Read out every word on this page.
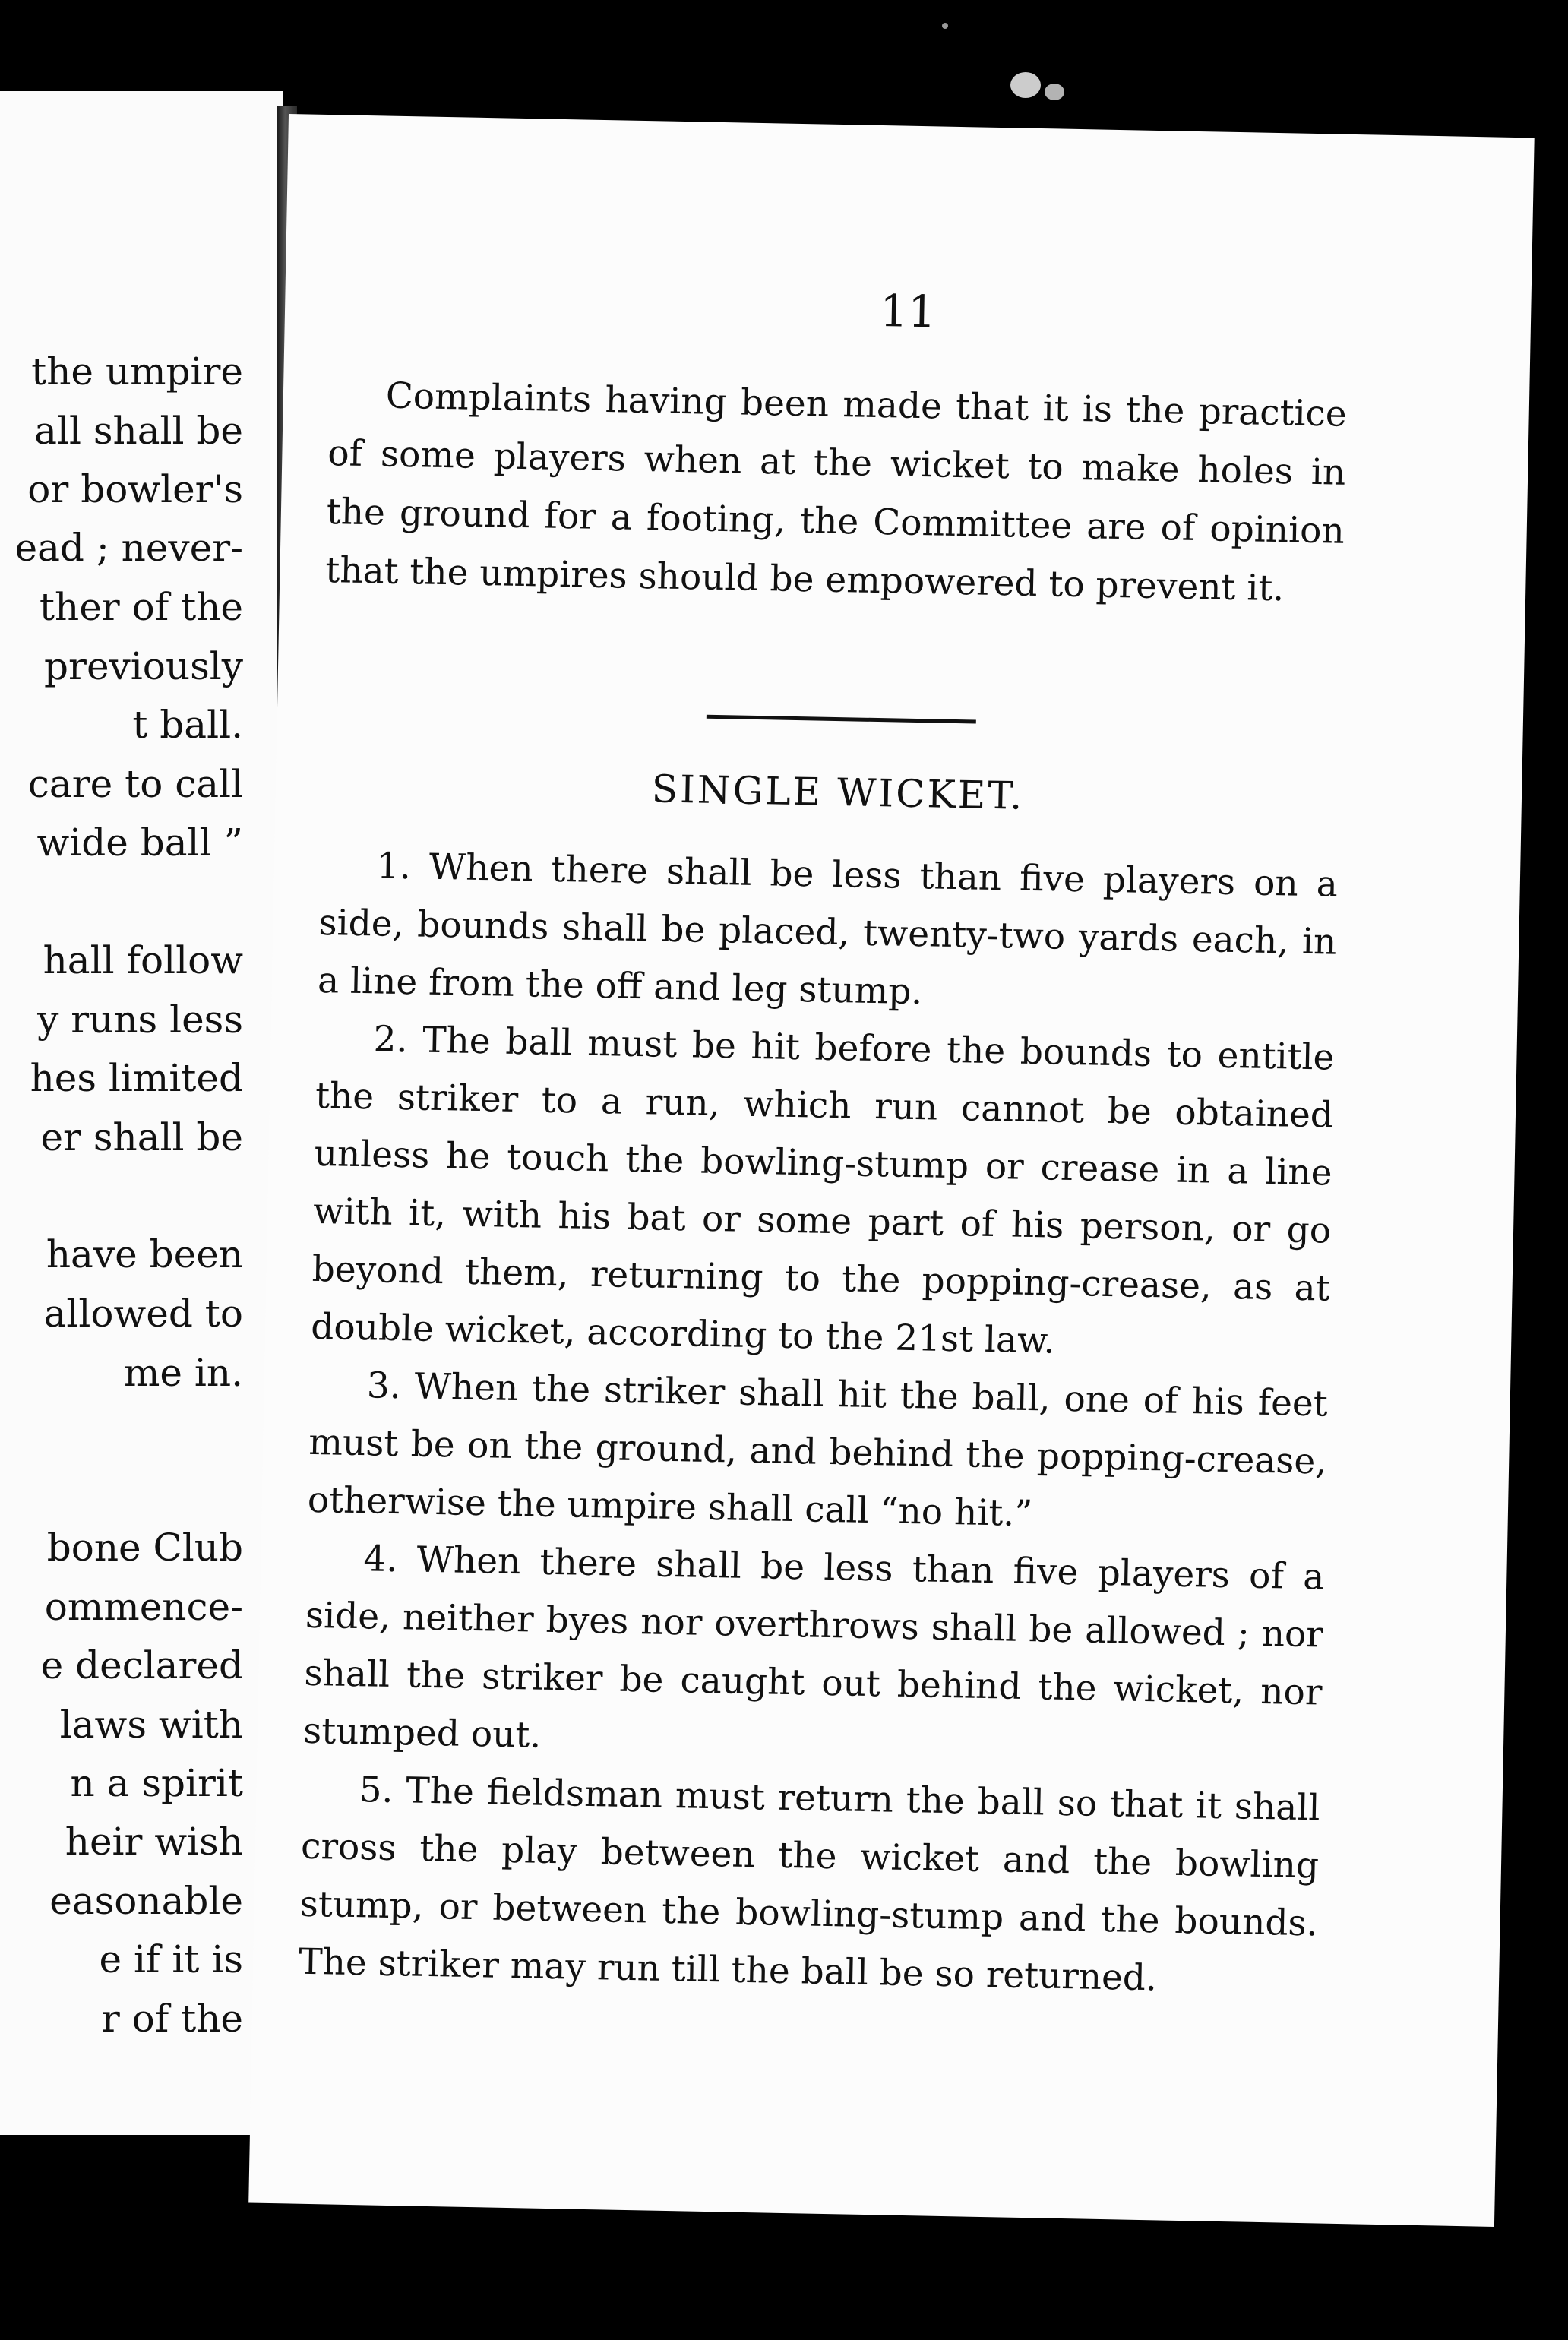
the umpire
all shall be
or bowler's
ead ; never-
ther of the
previously
t ball.
care to call
wide ball ”
hall follow
y runs less
hes limited
er shall be
have been
allowed to
me in.
bone Club
ommence-
e declared
laws with
n a spirit
heir wish
easonable
e if it is
r of the
11
Complaints having been made that it is the practice of some players when at the wicket to make holes in the ground for a footing, the Committee are of opinion that the umpires should be empowered to prevent it.
SINGLE WICKET.

1. When there shall be less than five players on a side, bounds shall be placed, twenty-two yards each, in a line from the off and leg stump.

2. The ball must be hit before the bounds to entitle the striker to a run, which run cannot be obtained unless he touch the bowling-stump or crease in a line with it, with his bat or some part of his person, or go beyond them, returning to the popping-crease, as at double wicket, according to the 21st law.

3. When the striker shall hit the ball, one of his feet must be on the ground, and behind the popping-crease, otherwise the umpire shall call “no hit.”

4. When there shall be less than five players of a side, neither byes nor overthrows shall be allowed ; nor shall the striker be caught out behind the wicket, nor stumped out.

5. The fieldsman must return the ball so that it shall cross the play between the wicket and the bowling stump, or between the bowling-stump and the bounds. The striker may run till the ball be so returned.
